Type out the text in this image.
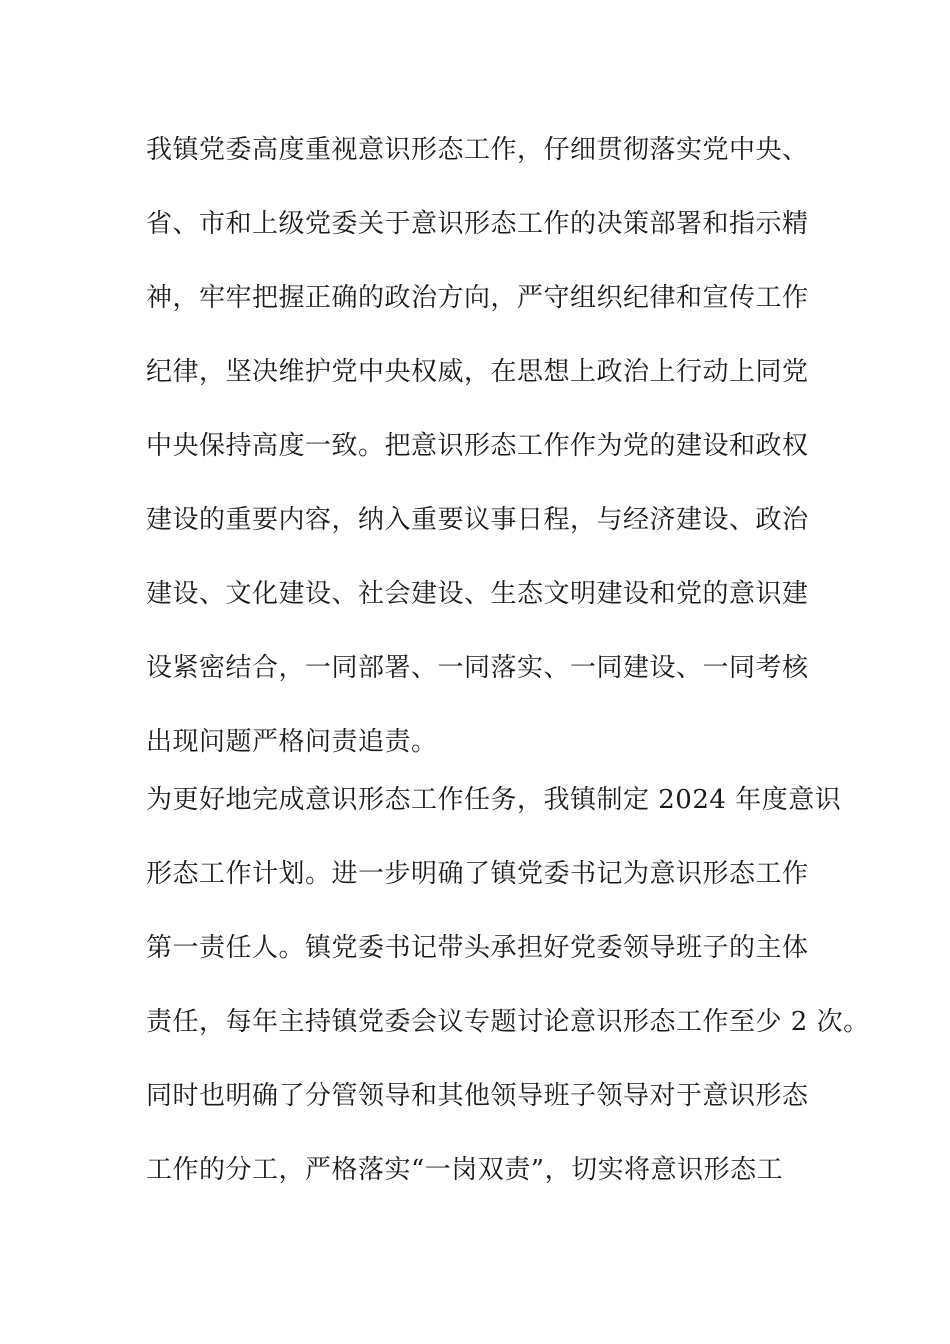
我镇党委高度重视意识形态工作，仔细贯彻落实党中央、
省、市和上级党委关于意识形态工作的决策部署和指示精
神，牢牢把握正确的政治方向，严守组织纪律和宣传工作
纪律，坚决维护党中央权威，在思想上政治上行动上同党
中央保持高度一致。把意识形态工作作为党的建设和政权
建设的重要内容，纳入重要议事日程，与经济建设、政治
建设、文化建设、社会建设、生态文明建设和党的意识建
设紧密结合，一同部署、一同落实、一同建设、一同考核
出现问题严格问责追责。
为更好地完成意识形态工作任务，我镇制定 2024 年度意识
形态工作计划。进一步明确了镇党委书记为意识形态工作
第一责任人。镇党委书记带头承担好党委领导班子的主体
责任，每年主持镇党委会议专题讨论意识形态工作至少 2 次。
同时也明确了分管领导和其他领导班子领导对于意识形态
工作的分工，严格落实“一岗双责”，切实将意识形态工
